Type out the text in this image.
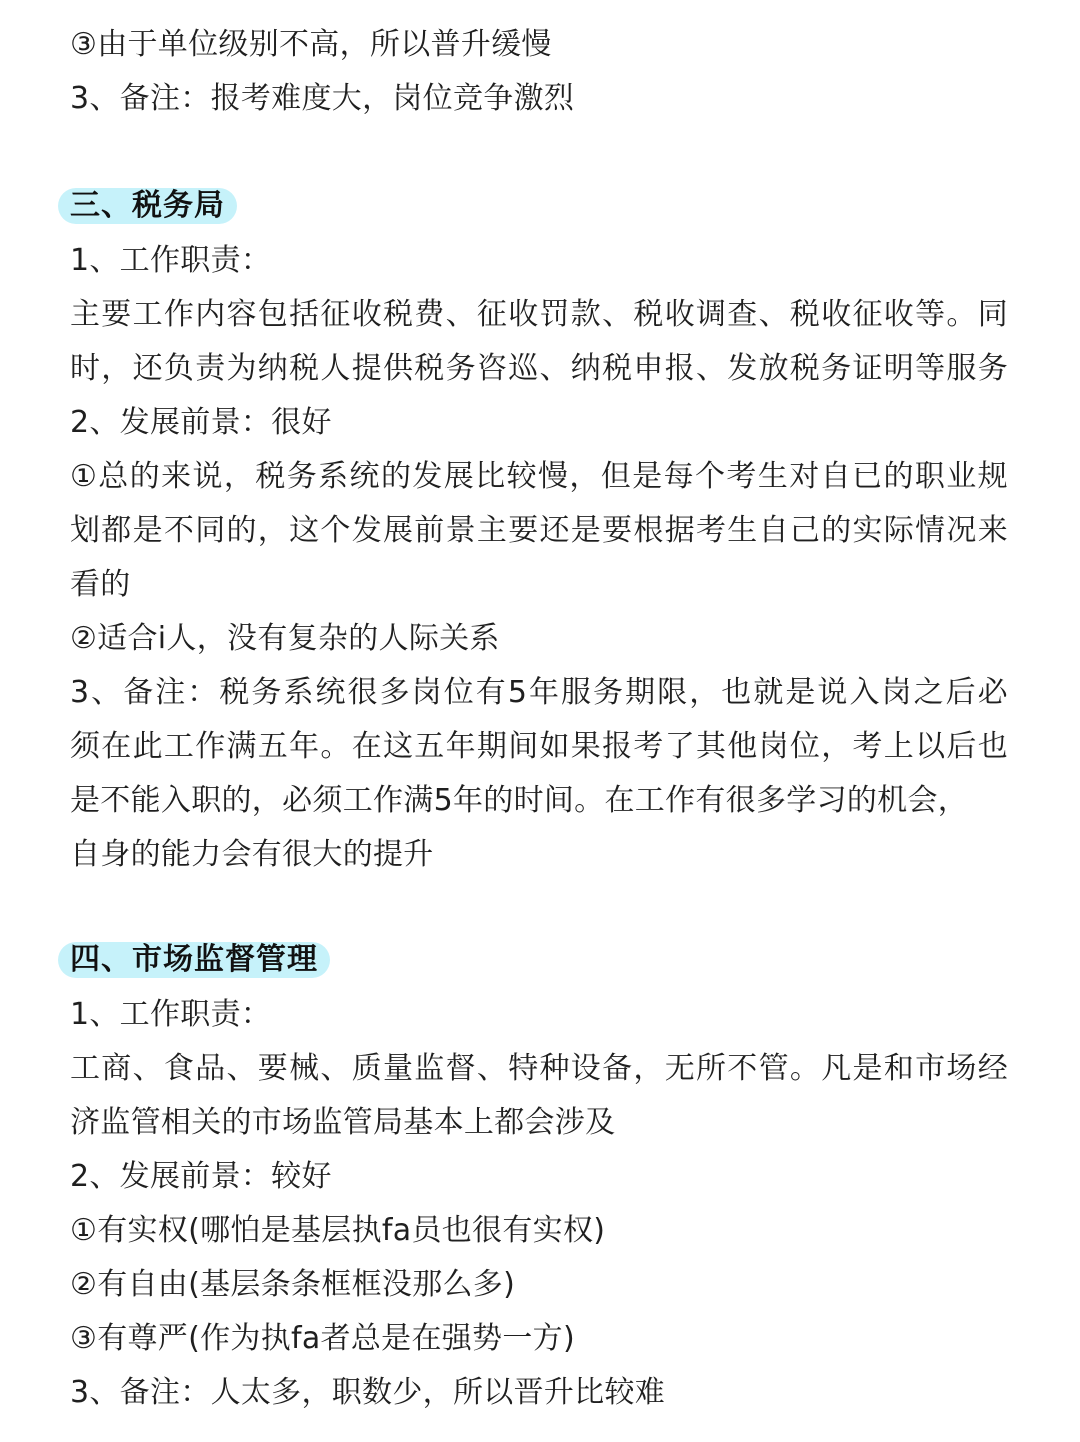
③由于单位级别不高，所以普升缓慢
3、备注：报考难度大，岗位竞争激烈
三、税务局
1、工作职责：
主要工作内容包括征收税费、征收罚款、税收调查、税收征收等。同
时，还负责为纳税人提供税务咨巡、纳税申报、发放税务证明等服务
2、发展前景：很好
①总的来说，税务系统的发展比较慢，但是每个考生对自已的职业规
划都是不同的，这个发展前景主要还是要根据考生自己的实际情况来
看的
②适合i人，没有复杂的人际关系
3、备注：税务系统很多岗位有5年服务期限，也就是说入岗之后必
须在此工作满五年。在这五年期间如果报考了其他岗位，考上以后也
是不能入职的，必须工作满5年的时间。在工作有很多学习的机会，
自身的能力会有很大的提升
四、市场监督管理
1、工作职责：
工商、食品、要械、质量监督、特种设备，无所不管。凡是和市场经
济监管相关的市场监管局基本上都会涉及
2、发展前景：较好
①有实权(哪怕是基层执fa员也很有实权)
②有自由(基层条条框框没那么多)
③有尊严(作为执fa者总是在强势一方)
3、备注：人太多，职数少，所以晋升比较难
